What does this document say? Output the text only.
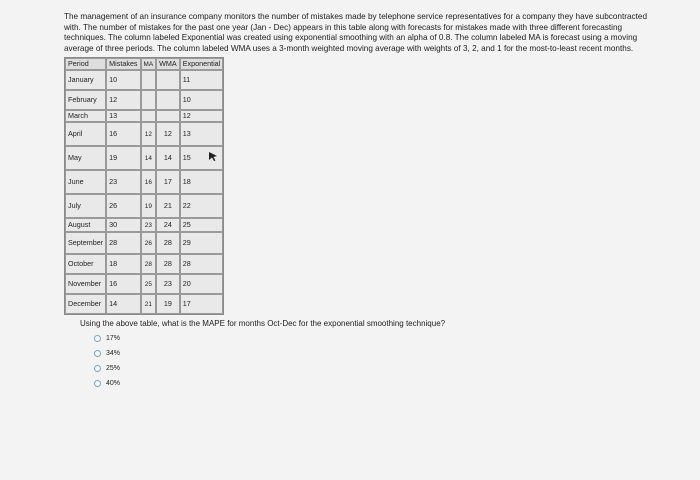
The management of an insurance company monitors the number of mistakes made by telephone service representatives for a company they have subcontracted with. The number of mistakes for the past one year (Jan - Dec) appears in this table along with forecasts for mistakes made with three different forecasting techniques. The column labeled Exponential was created using exponential smoothing with an alpha of 0.8. The column labeled MA is forecast using a moving average of three periods. The column labeled WMA uses a 3-month weighted moving average with weights of 3, 2, and 1 for the most-to-least recent months.

Period	Mistakes	MA	WMA	Exponential
January	10			11
February	12			10
March	13			12
April	16	12	12	13
May	19	14	14	15
June	23	16	17	18
July	26	19	21	22
August	30	23	24	25
September	28	26	28	29
October	18	28	28	28
November	16	25	23	20
December	14	21	19	17
Using the above table, what is the MAPE for months Oct-Dec for the exponential smoothing technique?
17%
34%
25%
40%
